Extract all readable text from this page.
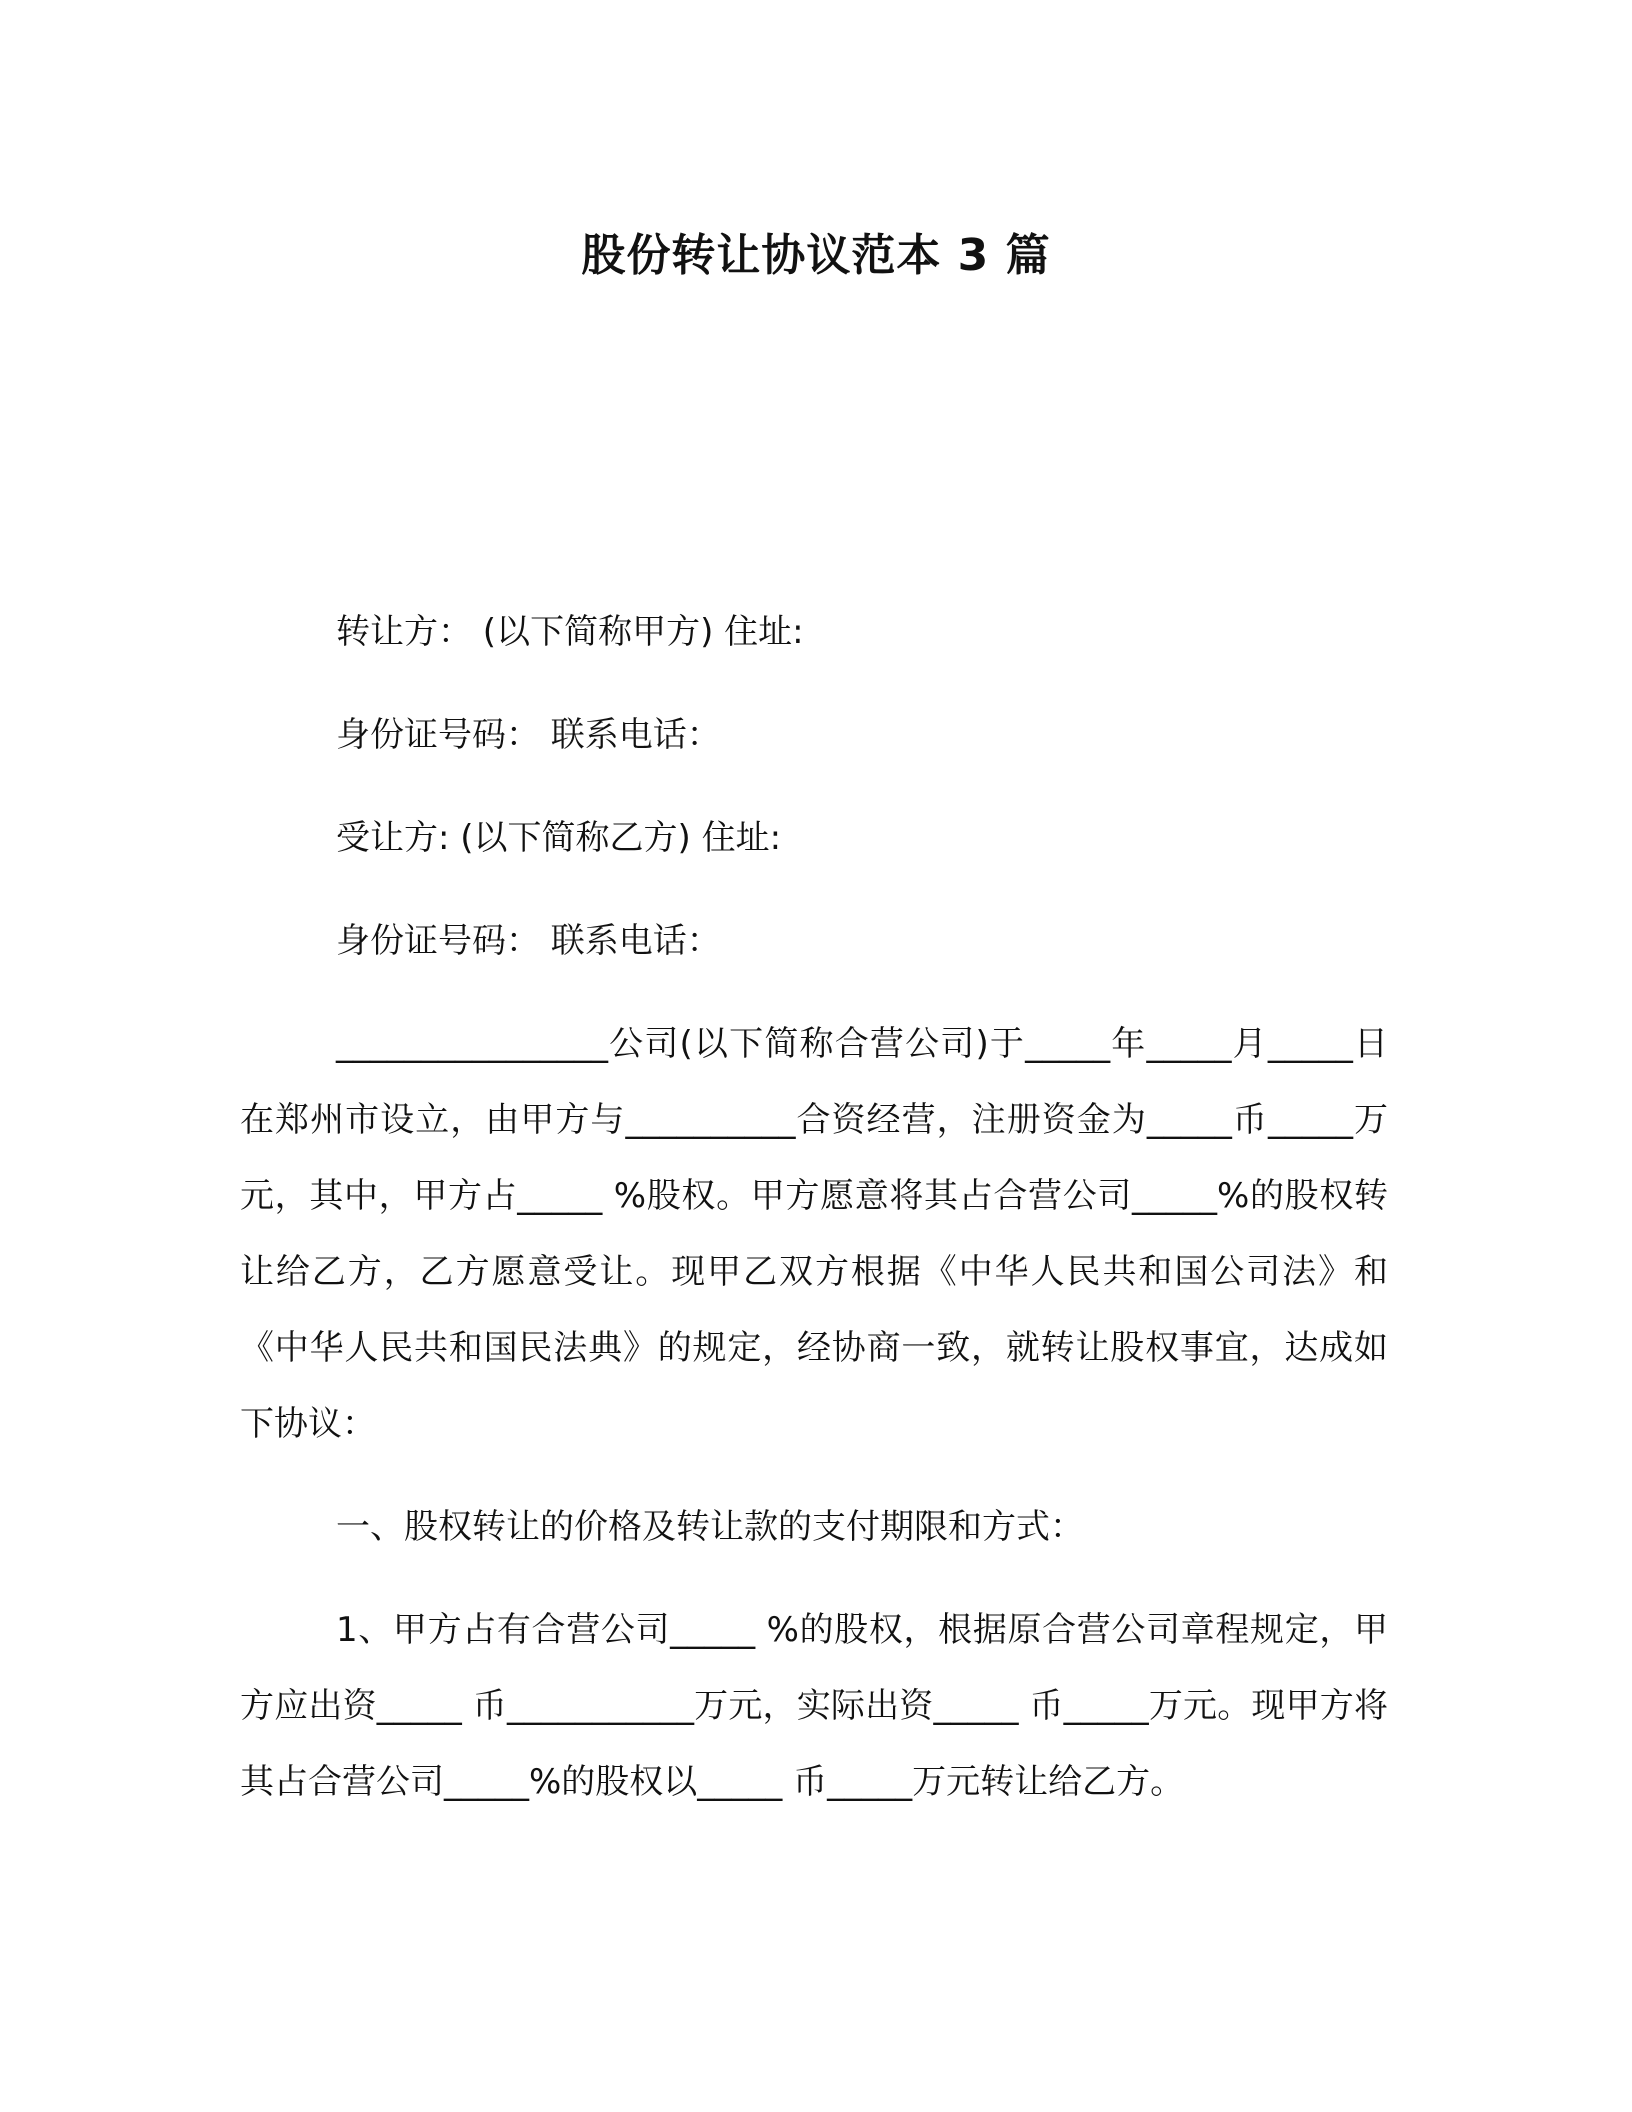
股份转让协议范本 3 篇

转让方： (以下简称甲方) 住址:

身份证号码： 联系电话：

受让方: (以下简称乙方) 住址:

身份证号码： 联系电话：

________________公司(以下简称合营公司)于_____年_____月_____日在郑州市设立，由甲方与__________合资经营，注册资金为_____币_____万元，其中，甲方占_____ %股权。甲方愿意将其占合营公司_____%的股权转让给乙方，乙方愿意受让。现甲乙双方根据《中华人民共和国公司法》和《中华人民共和国民法典》的规定，经协商一致，就转让股权事宜，达成如下协议：

一、股权转让的价格及转让款的支付期限和方式：

1、甲方占有合营公司_____ %的股权，根据原合营公司章程规定，甲方应出资_____ 币___________万元，实际出资_____ 币_____万元。现甲方将其占合营公司_____%的股权以_____ 币_____万元转让给乙方。
